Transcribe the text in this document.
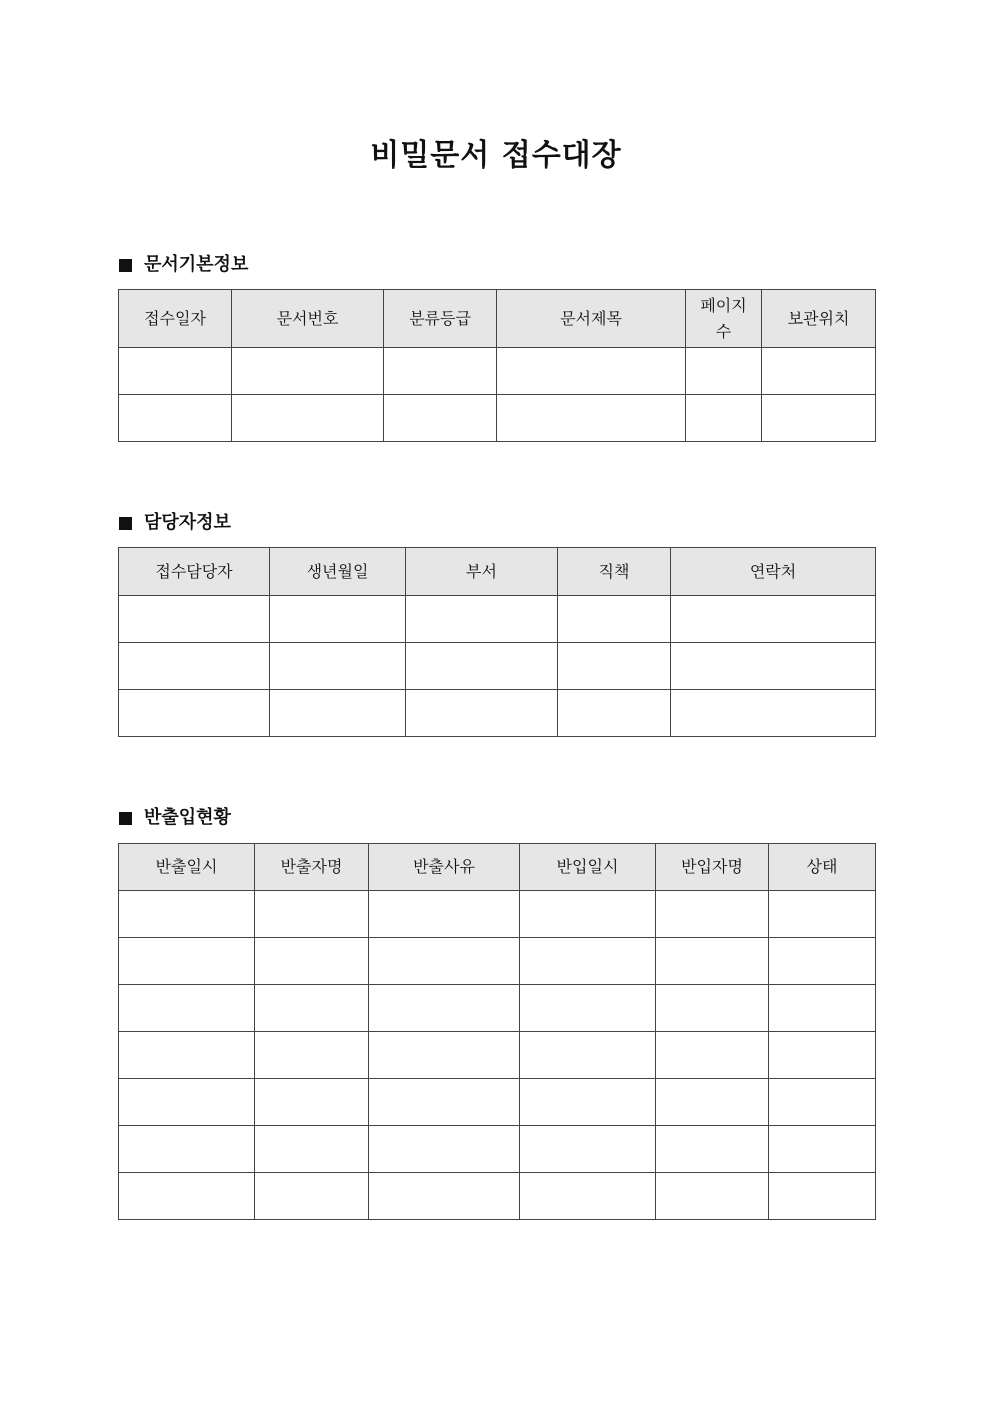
비밀문서 접수대장
문서기본정보
접수일자	문서번호	분류등급	문서제목	페이지수	보관위치

담당자정보
접수담당자	생년월일	부서	직책	연락처

반출입현황
반출일시	반출자명	반출사유	반입일시	반입자명	상태
